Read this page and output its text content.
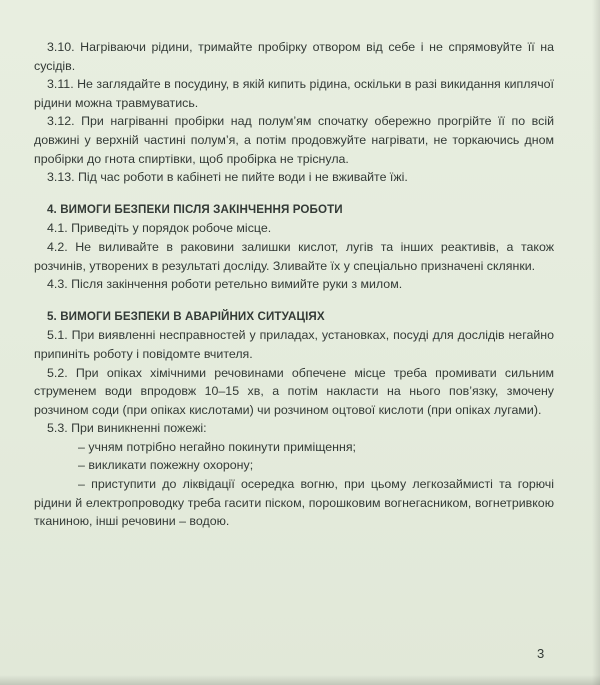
3.10. Нагріваючи рідини, тримайте пробірку отвором від себе і не спрямовуйте її на сусідів.

3.11. Не заглядайте в посудину, в якій кипить рідина, оскільки в разі викидання киплячої рідини можна травмуватись.

3.12. При нагріванні пробірки над полум’ям спочатку обережно прогрійте її по всій довжині у верхній частині полум’я, а потім продовжуйте нагрівати, не торкаючись дном пробірки до гнота спиртівки, щоб пробірка не тріснула.

3.13. Під час роботи в кабінеті не пийте води і не вживайте їжі.

4. ВИМОГИ БЕЗПЕКИ ПІСЛЯ ЗАКІНЧЕННЯ РОБОТИ

4.1. Приведіть у порядок робоче місце.

4.2. Не виливайте в раковини залишки кислот, лугів та інших реактивів, а також розчинів, утворених в результаті досліду. Зливайте їх у спеціально призначені склянки.

4.3. Після закінчення роботи ретельно вимийте руки з милом.

5. ВИМОГИ БЕЗПЕКИ В АВАРІЙНИХ СИТУАЦІЯХ

5.1. При виявленні несправностей у приладах, установках, посуді для дослідів негайно припиніть роботу і повідомте вчителя.

5.2. При опіках хімічними речовинами обпечене місце треба промивати сильним струменем води впродовж 10–15 хв, а потім накласти на нього пов’язку, змочену розчином соди (при опіках кислотами) чи розчином оцтової кислоти (при опіках лугами).

5.3. При виникненні пожежі:

– учням потрібно негайно покинути приміщення;

– викликати пожежну охорону;

– приступити до ліквідації осередка вогню, при цьому легкозаймисті та горючі рідини й електропроводку треба гасити піском, порошковим вогнегасником, вогнетривкою тканиною, інші речовини – водою.

3
